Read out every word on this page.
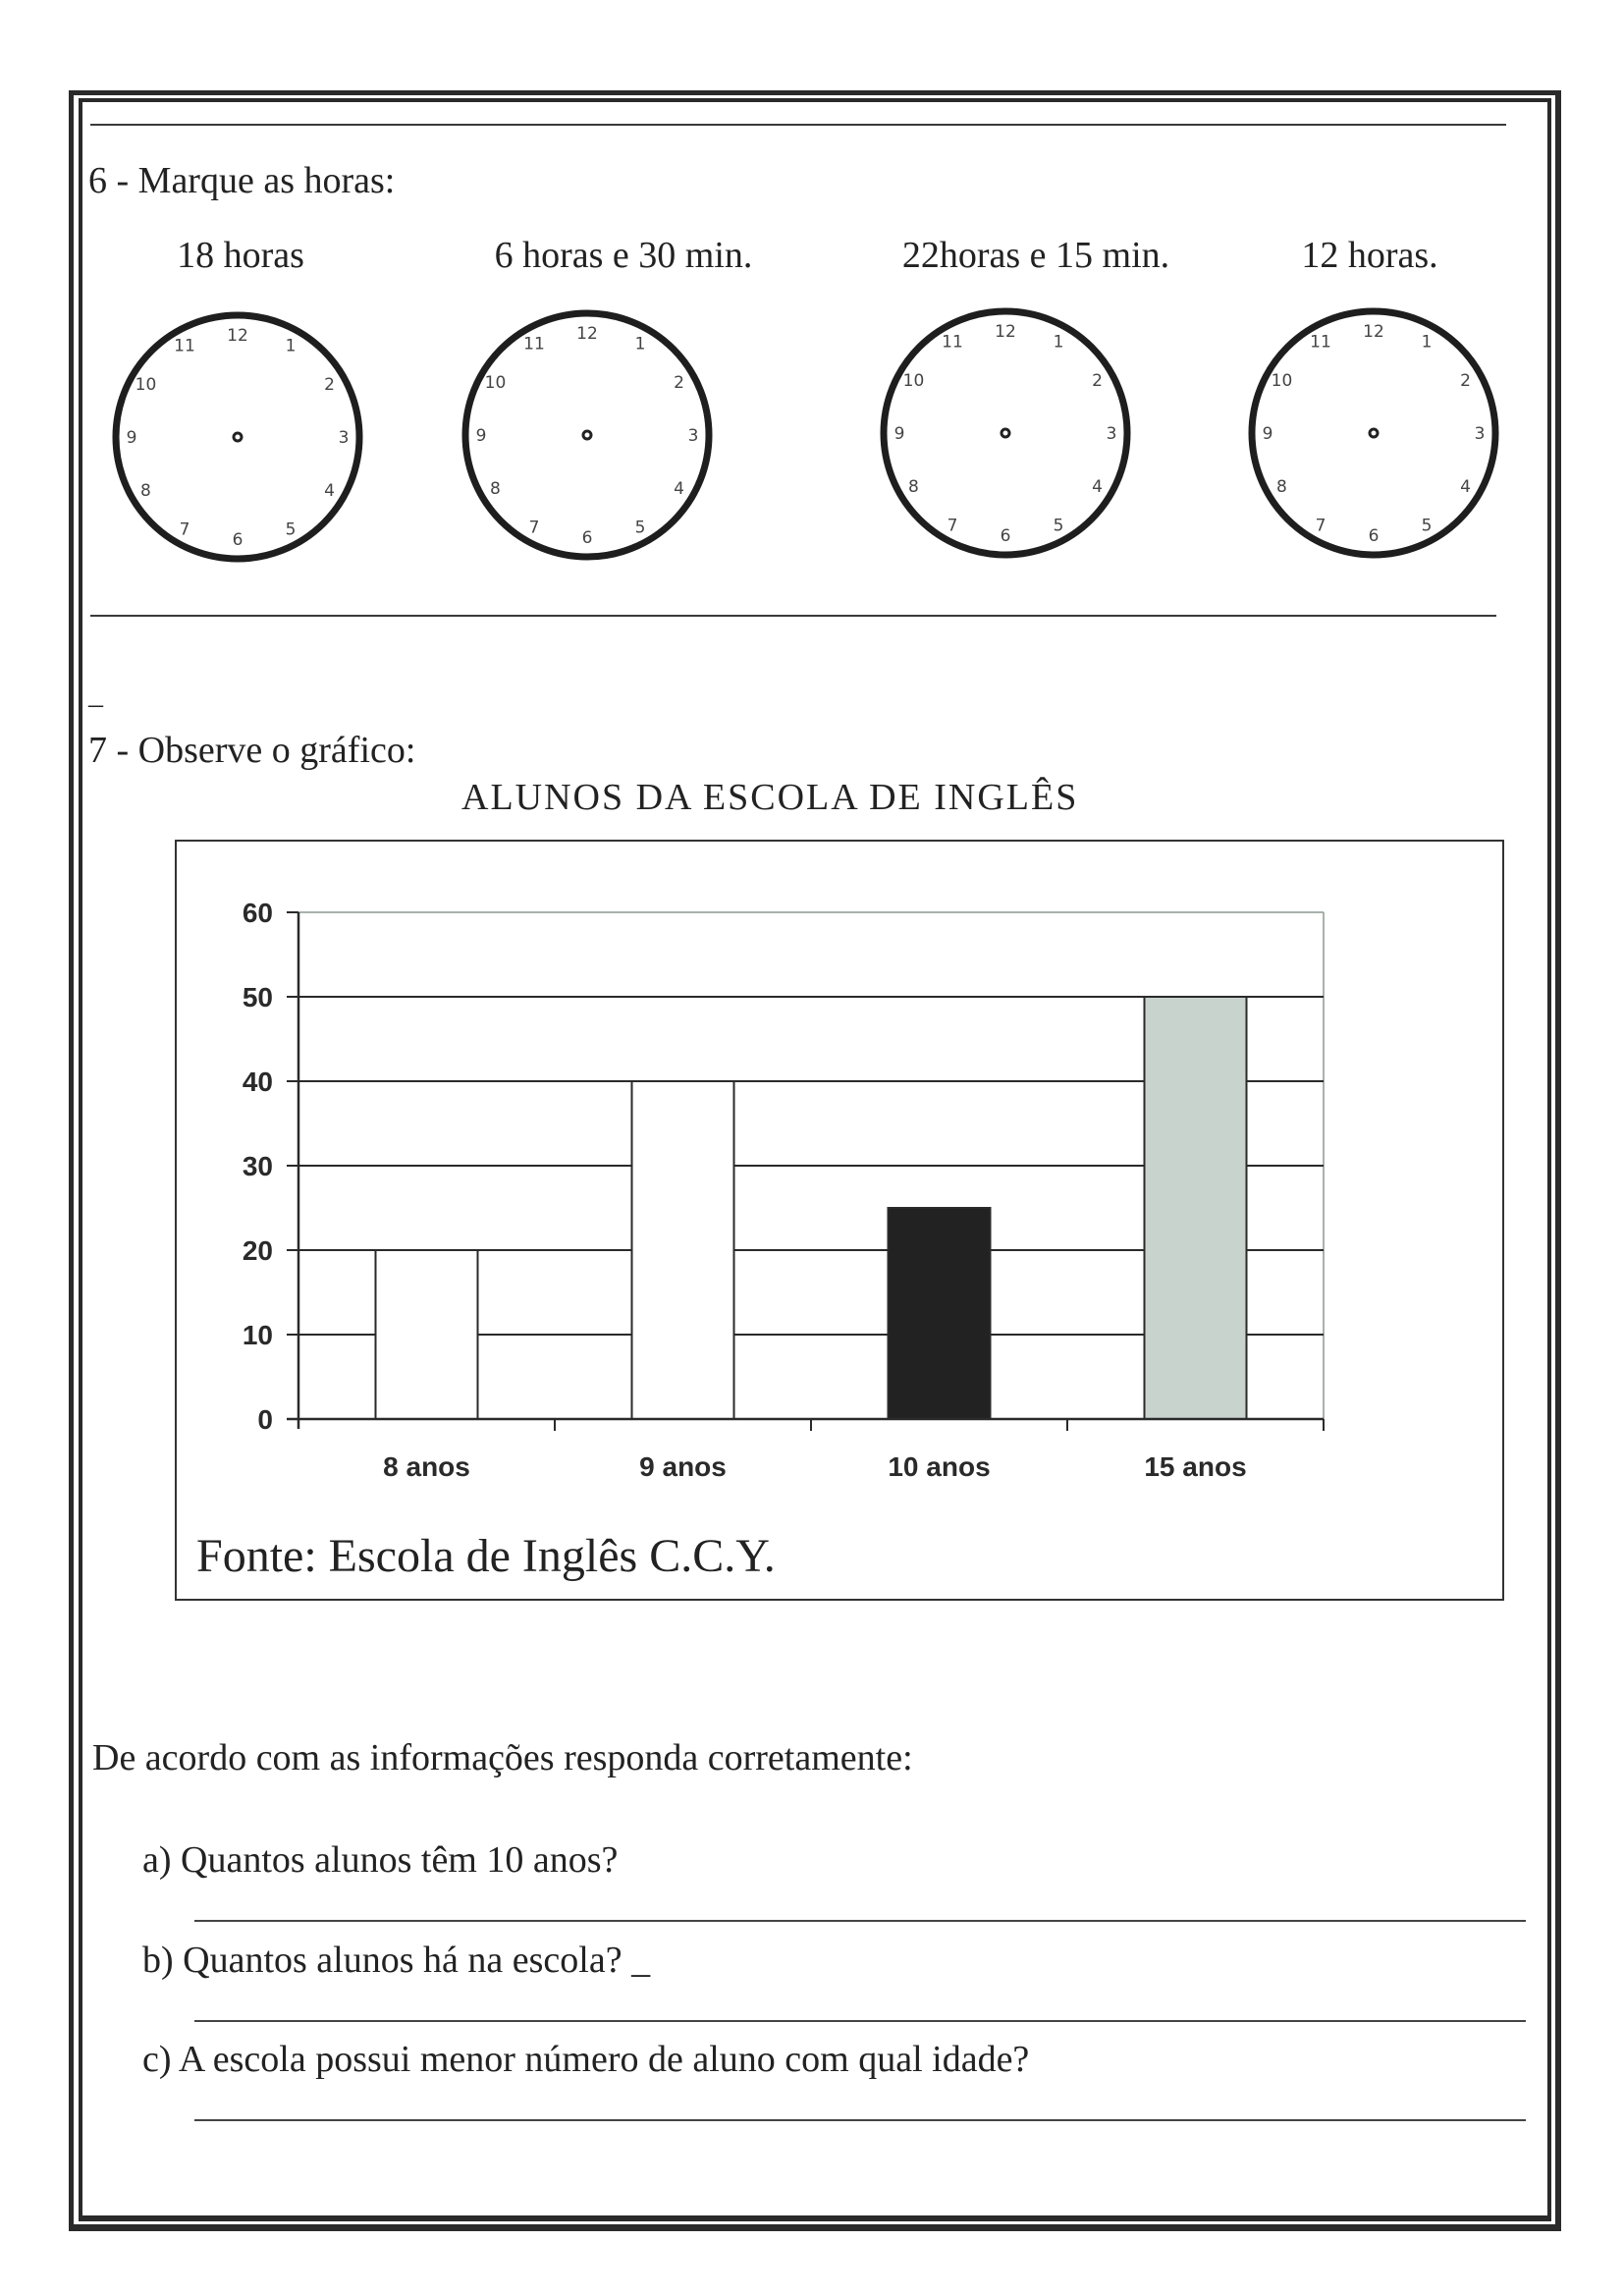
6 - Marque as horas:
18 horas	6 horas e 30 min.	22horas e 15 min.	12 horas.
12
1
2
3
4
5
6
7
8
9
10
11
12
1
2
3
4
5
6
7
8
9
10
11
12
1
2
3
4
5
6
7
8
9
10
11
12
1
2
3
4
5
6
7
8
9
10
11
_
7 - Observe o gráfico:
ALUNOS DA ESCOLA DE INGLÊS
0
10
20
30
40
50
60
8 anos	9 anos	10 anos	15 anos
Fonte: Escola de Inglês C.C.Y.
De acordo com as informações responda corretamente:
a) Quantos alunos têm 10 anos?
b) Quantos alunos há na escola? _
c) A escola possui menor número de aluno com qual idade?
